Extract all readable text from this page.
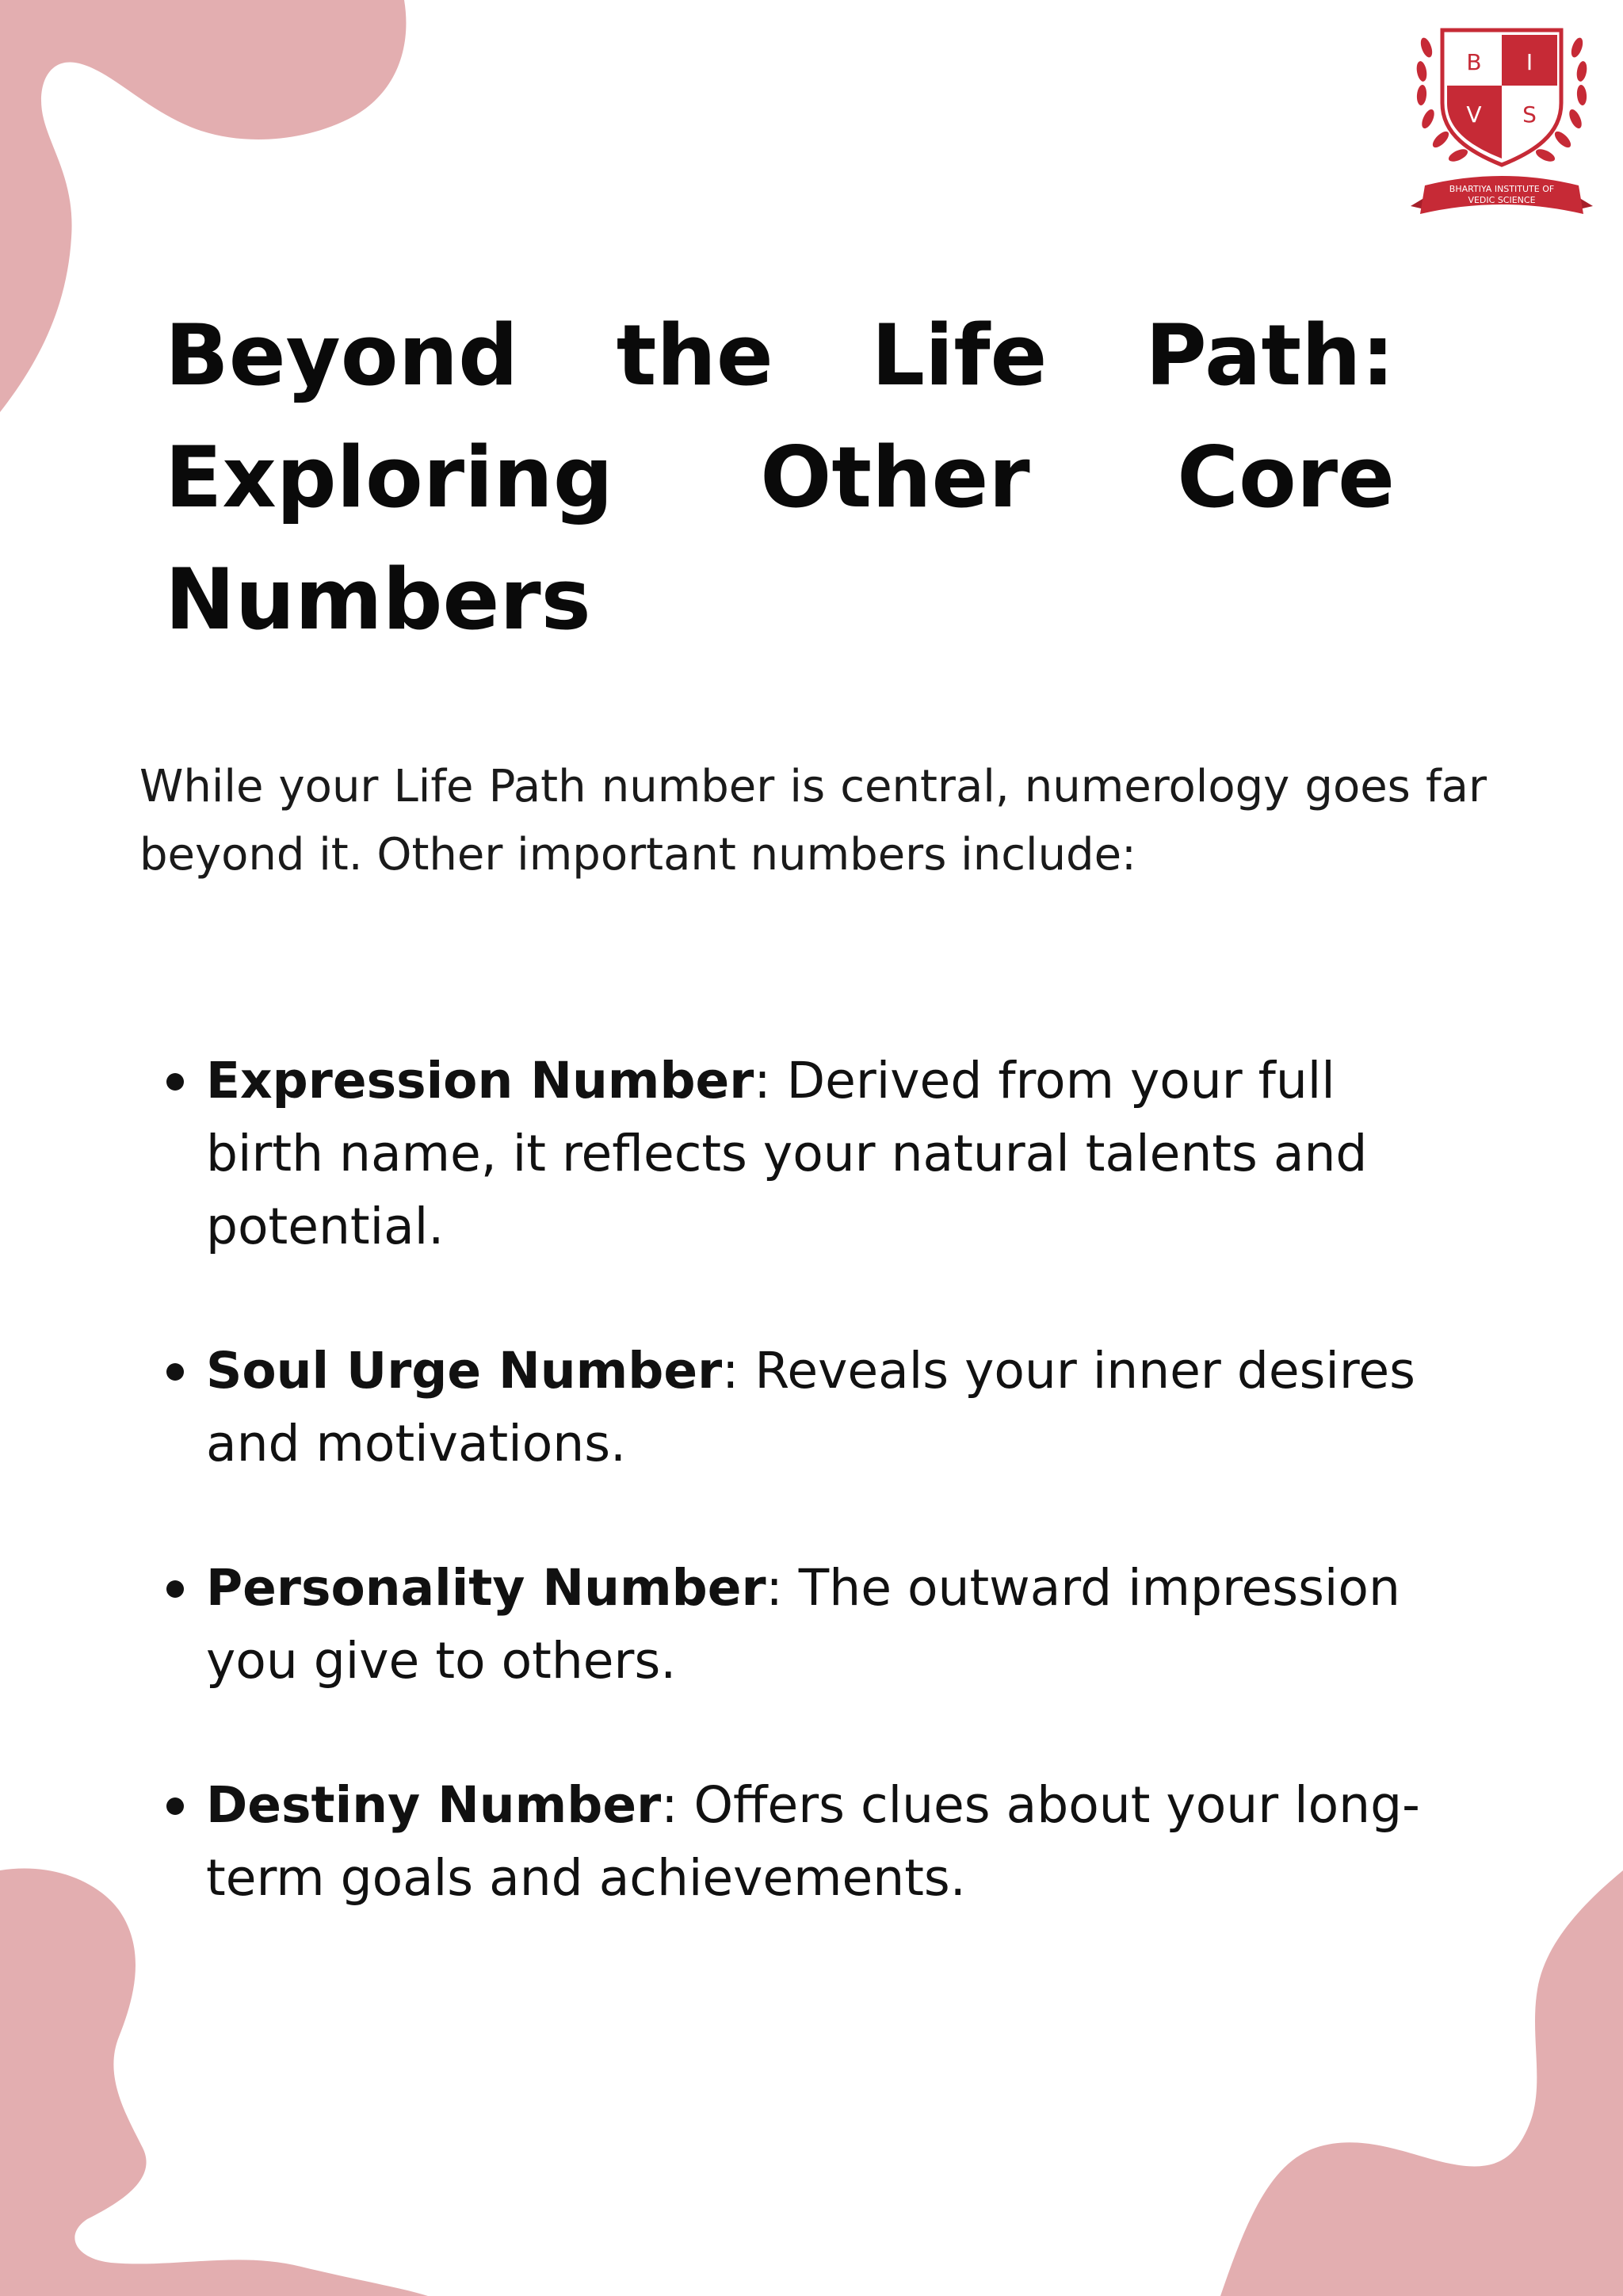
B I
V S
BHARTIYA INSTITUTE OF
VEDIC SCIENCE
Beyond the Life Path: Exploring Other Core Numbers

While your Life Path number is central, numerology goes far beyond it. Other important numbers include:

Expression Number: Derived from your full birth name, it reflects your natural talents and potential.
Soul Urge Number: Reveals your inner desires and motivations.
Personality Number: The outward impression you give to others.
Destiny Number: Offers clues about your long-term goals and achievements.
